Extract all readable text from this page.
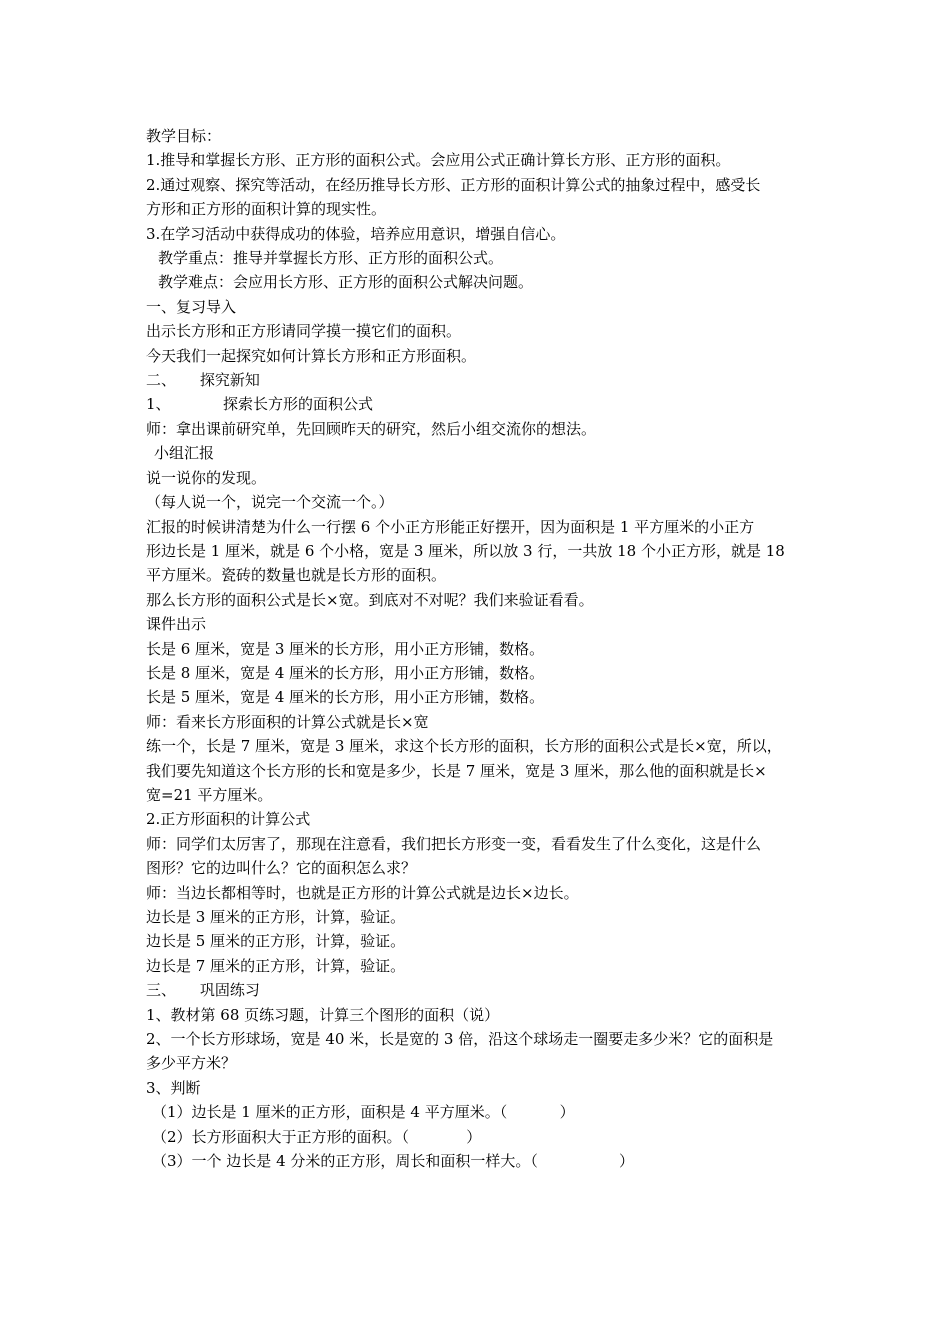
教学目标：
1.推导和掌握长方形、正方形的面积公式。会应用公式正确计算长方形、正方形的面积。
2.通过观察、探究等活动，在经历推导长方形、正方形的面积计算公式的抽象过程中，感受长
方形和正方形的面积计算的现实性。
3.在学习活动中获得成功的体验，培养应用意识，增强自信心。
教学重点：推导并掌握长方形、正方形的面积公式。
教学难点：会应用长方形、正方形的面积公式解决问题。
一、复习导入
出示长方形和正方形请同学摸一摸它们的面积。
今天我们一起探究如何计算长方形和正方形面积。
二、     探究新知
1、           探索长方形的面积公式
师：拿出课前研究单，先回顾昨天的研究，然后小组交流你的想法。
小组汇报
说一说你的发现。
（每人说一个，说完一个交流一个。）
汇报的时候讲清楚为什么一行摆 6 个小正方形能正好摆开，因为面积是 1 平方厘米的小正方
形边长是 1 厘米，就是 6 个小格，宽是 3 厘米，所以放 3 行，一共放 18 个小正方形，就是 18
平方厘米。瓷砖的数量也就是长方形的面积。
那么长方形的面积公式是长×宽。到底对不对呢？我们来验证看看。
课件出示
长是 6 厘米，宽是 3 厘米的长方形，用小正方形铺，数格。
长是 8 厘米，宽是 4 厘米的长方形，用小正方形铺，数格。
长是 5 厘米，宽是 4 厘米的长方形，用小正方形铺，数格。
师：看来长方形面积的计算公式就是长×宽
练一个，长是 7 厘米，宽是 3 厘米，求这个长方形的面积，长方形的面积公式是长×宽，所以，
我们要先知道这个长方形的长和宽是多少，长是 7 厘米，宽是 3 厘米，那么他的面积就是长×
宽=21 平方厘米。
2.正方形面积的计算公式
师：同学们太厉害了，那现在注意看，我们把长方形变一变，看看发生了什么变化，这是什么
图形？它的边叫什么？它的面积怎么求？
师：当边长都相等时，也就是正方形的计算公式就是边长×边长。
边长是 3 厘米的正方形，计算，验证。
边长是 5 厘米的正方形，计算，验证。
边长是 7 厘米的正方形，计算，验证。
三、     巩固练习
1、教材第 68 页练习题，计算三个图形的面积（说）
2、一个长方形球场，宽是 40 米，长是宽的 3 倍，沿这个球场走一圈要走多少米？它的面积是
多少平方米？
3、判断
（1）边长是 1 厘米的正方形，面积是 4 平方厘米。（           ）
（2）长方形面积大于正方形的面积。（            ）
（3）一个 边长是 4 分米的正方形，周长和面积一样大。（                 ）
